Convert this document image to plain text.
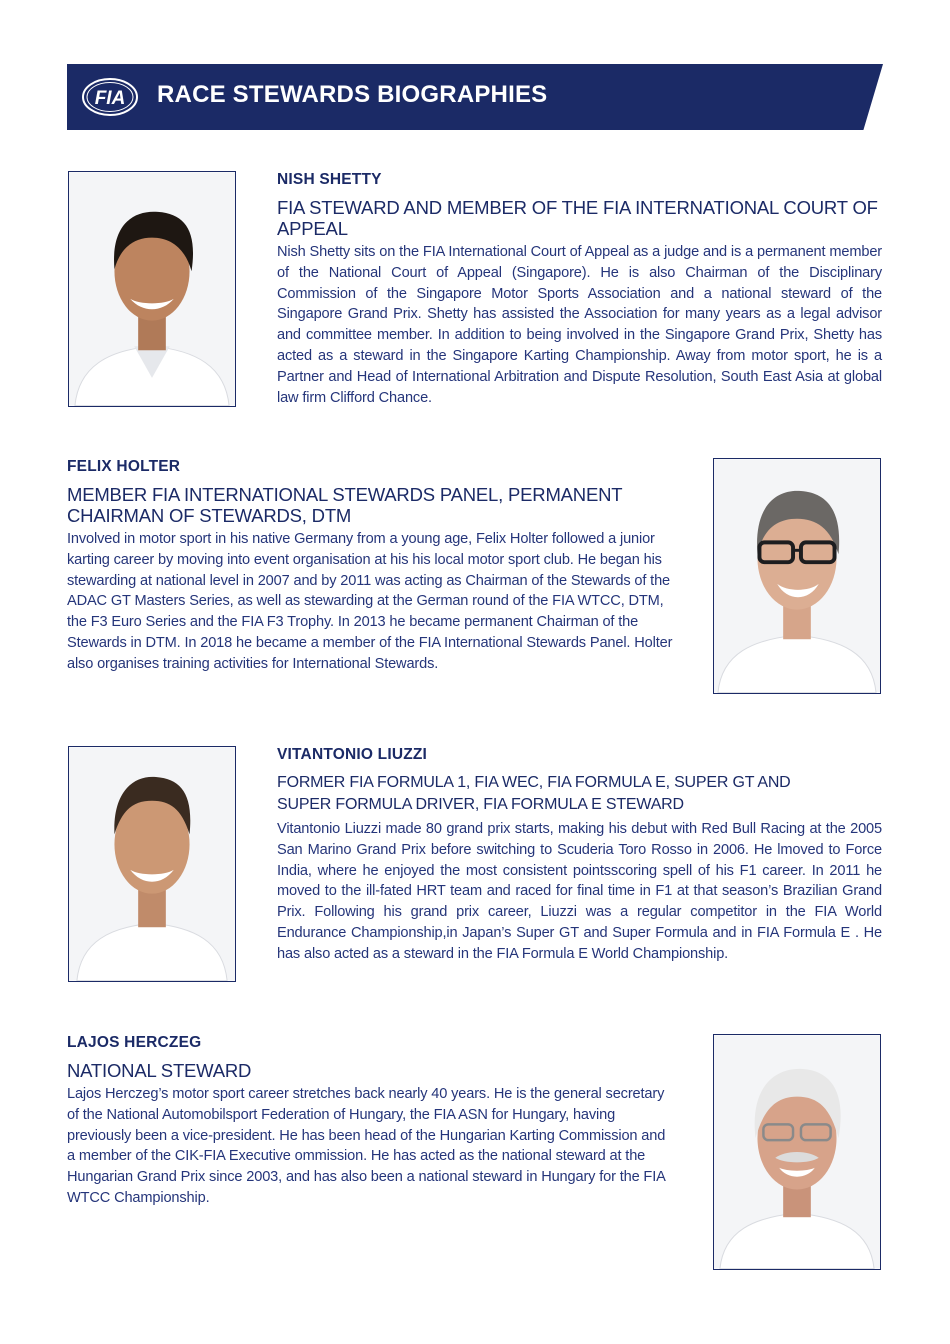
FIA RACE STEWARDS BIOGRAPHIES
NISH SHETTY
FIA STEWARD AND MEMBER OF THE FIA INTERNATIONAL COURT OF APPEAL

Nish Shetty sits on the FIA International Court of Appeal as a judge and is a permanent member of the National Court of Appeal (Singapore). He is also Chairman of the Disciplinary Commission of the Singapore Motor Sports Association and a national steward of the Singapore Grand Prix. Shetty has assisted the Association for many years as a legal advisor and committee member. In addition to being involved in the Singapore Grand Prix, Shetty has acted as a steward in the Singapore Karting Championship. Away from motor sport, he is a Partner and Head of International Arbitration and Dispute Resolution, South East Asia at global law firm Clifford Chance.

FELIX HOLTER
MEMBER FIA INTERNATIONAL STEWARDS PANEL, PERMANENT CHAIRMAN OF STEWARDS, DTM

Involved in motor sport in his native Germany from a young age, Felix Holter followed a junior karting career by moving into event organisation at his his local motor sport club. He began his stewarding at national level in 2007 and by 2011 was acting as Chairman of the Stewards of the ADAC GT Masters Series, as well as stewarding at the German round of the FIA WTCC, DTM, the F3 Euro Series and the FIA F3 Trophy. In 2013 he became permanent Chairman of the Stewards in DTM. In 2018 he became a member of the FIA International Stewards Panel. Holter also organises training activities for International Stewards.

VITANTONIO LIUZZI
FORMER FIA FORMULA 1, FIA WEC, FIA FORMULA E, SUPER GT AND SUPER FORMULA DRIVER, FIA FORMULA E STEWARD

Vitantonio Liuzzi made 80 grand prix starts, making his debut with Red Bull Racing at the 2005 San Marino Grand Prix before switching to Scuderia Toro Rosso in 2006. He lmoved to Force India, where he enjoyed the most consistent pointsscoring spell of his F1 career. In 2011 he moved to the ill-fated HRT team and raced for final time in F1 at that season’s Brazilian Grand Prix. Following his grand prix career, Liuzzi was a regular competitor in the FIA World Endurance Championship,in Japan’s Super GT and Super Formula and in FIA Formula E . He has also acted as a steward in the FIA Formula E World Championship.

LAJOS HERCZEG
NATIONAL STEWARD

Lajos Herczeg’s motor sport career stretches back nearly 40 years. He is the general secretary of the National Automobilsport Federation of Hungary, the FIA ASN for Hungary, having previously been a vice-president. He has been head of the Hungarian Karting Commission and a member of the CIK-FIA Executive ommission. He has acted as the national steward at the Hungarian Grand Prix since 2003, and has also been a national steward in Hungary for the FIA WTCC Championship.
